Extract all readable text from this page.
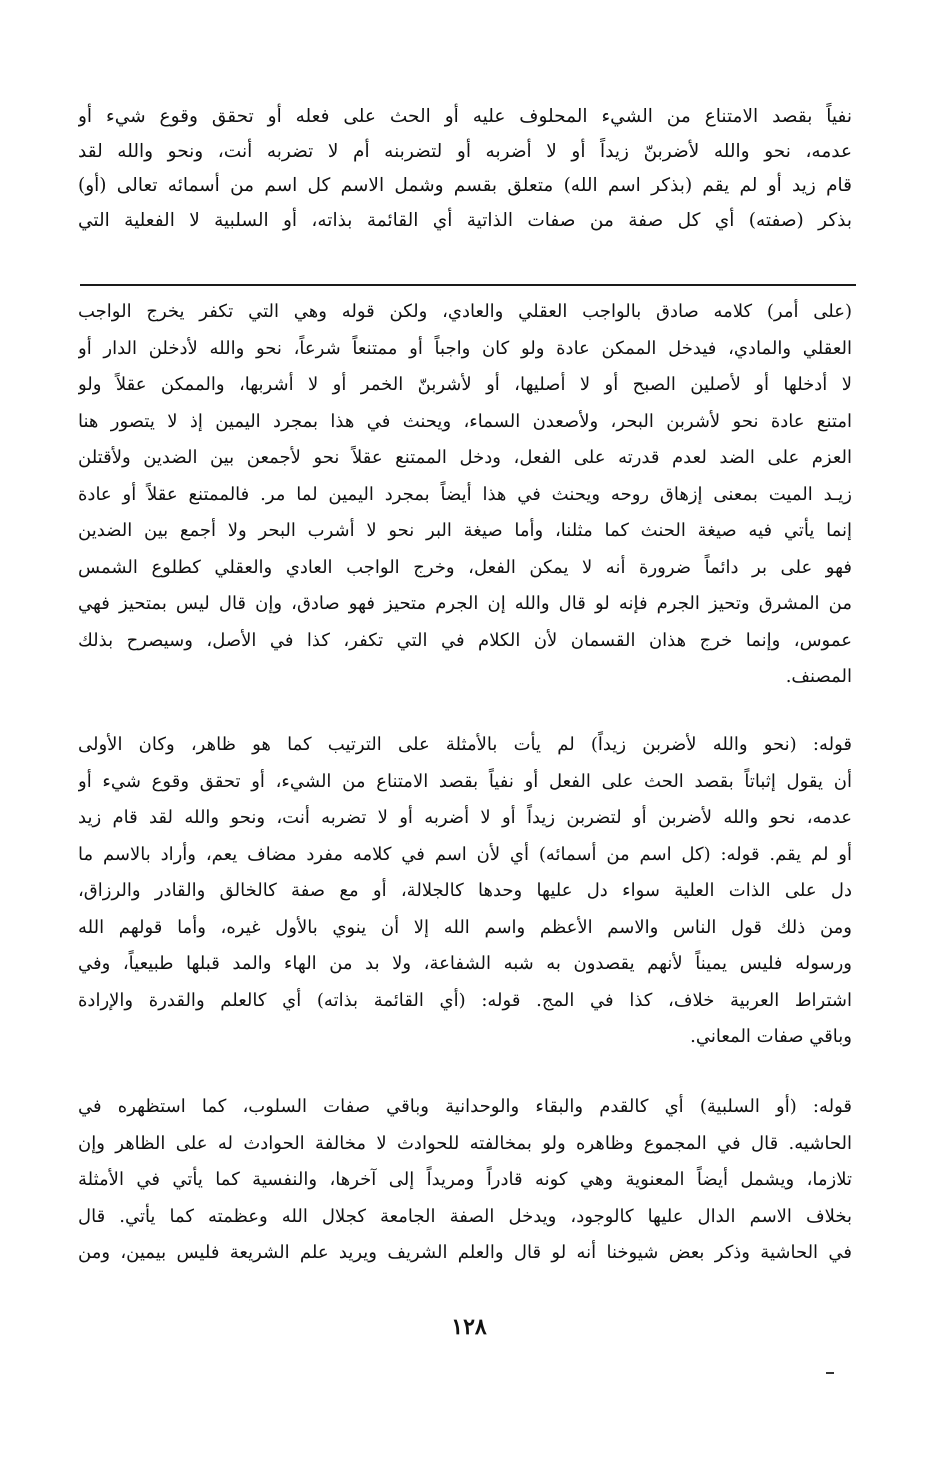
نفياً بقصد الامتناع من الشيء المحلوف عليه أو الحث على فعله أو تحقق وقوع شيء أو
عدمه، نحو والله لأضربنّ زيداً أو لا أضربه أو لتضربنه أم لا تضربه أنت، ونحو والله لقد
قام زيد أو لم يقم (بذكر اسم الله) متعلق بقسم وشمل الاسم كل اسم من أسمائه تعالى (أو)
بذكر (صفته) أي كل صفة من صفات الذاتية أي القائمة بذاته، أو السلبية لا الفعلية التي
(على أمر) كلامه صادق بالواجب العقلي والعادي، ولكن قوله وهي التي تكفر يخرج الواجب
العقلي والمادي، فيدخل الممكن عادة ولو كان واجباً أو ممتنعاً شرعاً، نحو والله لأدخلن الدار أو
لا أدخلها أو لأصلين الصبح أو لا أصليها، أو لأشربنّ الخمر أو لا أشربها، والممكن عقلاً ولو
امتنع عادة نحو لأشربن البحر، ولأصعدن السماء، ويحنث في هذا بمجرد اليمين إذ لا يتصور هنا
العزم على الضد لعدم قدرته على الفعل، ودخل الممتنع عقلاً نحو لأجمعن بين الضدين ولأقتلن
زيـد الميت بمعنى إزهاق روحه ويحنث في هذا أيضاً بمجرد اليمين لما مر. فالممتنع عقلاً أو عادة
إنما يأتي فيه صيغة الحنث كما مثلنا، وأما صيغة البر نحو لا أشرب البحر ولا أجمع بين الضدين
فهو على بر دائماً ضرورة أنه لا يمكن الفعل، وخرج الواجب العادي والعقلي كطلوع الشمس
من المشرق وتحيز الجرم فإنه لو قال والله إن الجرم متحيز فهو صادق، وإن قال ليس بمتحيز فهي
عموس، وإنما خرج هذان القسمان لأن الكلام في التي تكفر، كذا في الأصل، وسيصرح بذلك
المصنف.
قوله: (نحو والله لأضربن زيداً) لم يأت بالأمثلة على الترتيب كما هو ظاهر، وكان الأولى
أن يقول إثباتاً بقصد الحث على الفعل أو نفياً بقصد الامتناع من الشيء، أو تحقق وقوع شيء أو
عدمه، نحو والله لأضربن أو لتضربن زيداً أو لا أضربه أو لا تضربه أنت، ونحو والله لقد قام زيد
أو لم يقم. قوله: (كل اسم من أسمائه) أي لأن اسم في كلامه مفرد مضاف يعم، وأراد بالاسم ما
دل على الذات العلية سواء دل عليها وحدها كالجلالة، أو مع صفة كالخالق والقادر والرزاق،
ومن ذلك قول الناس والاسم الأعظم واسم الله إلا أن ينوي بالأول غيره، وأما قولهم الله
ورسوله فليس يميناً لأنهم يقصدون به شبه الشفاعة، ولا بد من الهاء والمد قبلها طبيعياً، وفي
اشتراط العربية خلاف، كذا في المج. قوله: (أي القائمة بذاته) أي كالعلم والقدرة والإرادة
وباقي صفات المعاني.
قوله: (أو السلبية) أي كالقدم والبقاء والوحدانية وباقي صفات السلوب، كما استظهره في
الحاشيه. قال في المجموع وظاهره ولو بمخالفته للحوادث لا مخالفة الحوادث له على الظاهر وإن
تلازما، ويشمل أيضاً المعنوية وهي كونه قادراً ومريداً إلى آخرها، والنفسية كما يأتي في الأمثلة
بخلاف الاسم الدال عليها كالوجود، ويدخل الصفة الجامعة كجلال الله وعظمته كما يأتي. قال
في الحاشية وذكر بعض شيوخنا أنه لو قال والعلم الشريف ويريد علم الشريعة فليس بيمين، ومن
١٢٨
